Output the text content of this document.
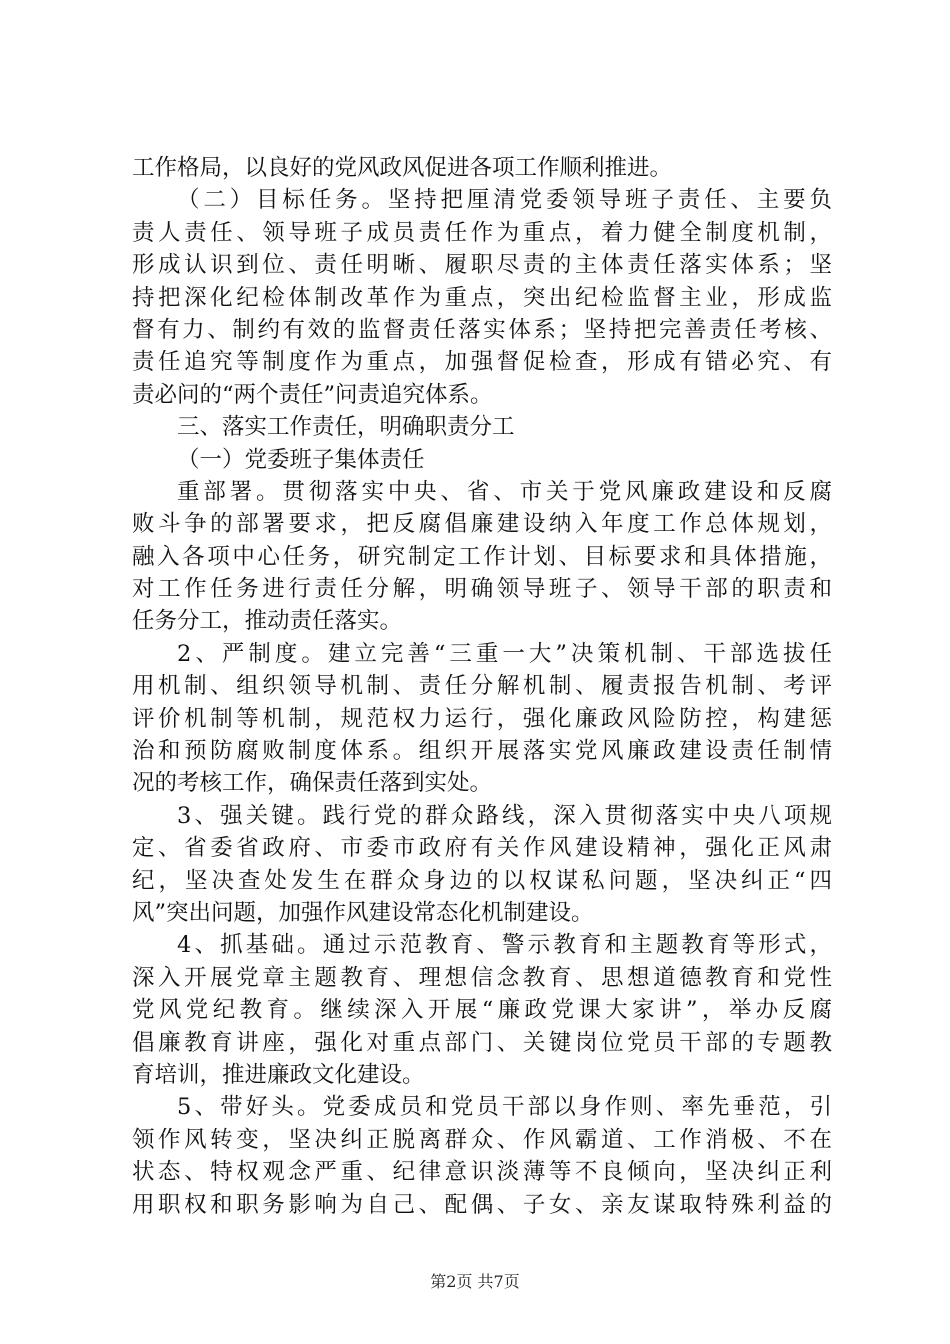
工作格局，以良好的党风政风促进各项工作顺利推进。
（二）目标任务。坚持把厘清党委领导班子责任、主要负
责人责任、领导班子成员责任作为重点，着力健全制度机制，
形成认识到位、责任明晰、履职尽责的主体责任落实体系；坚
持把深化纪检体制改革作为重点，突出纪检监督主业，形成监
督有力、制约有效的监督责任落实体系；坚持把完善责任考核、
责任追究等制度作为重点，加强督促检查，形成有错必究、有
责必问的“两个责任”问责追究体系。
三、落实工作责任，明确职责分工
（一）党委班子集体责任
重部署。贯彻落实中央、省、市关于党风廉政建设和反腐
败斗争的部署要求，把反腐倡廉建设纳入年度工作总体规划，
融入各项中心任务，研究制定工作计划、目标要求和具体措施，
对工作任务进行责任分解，明确领导班子、领导干部的职责和
任务分工，推动责任落实。
2、严制度。建立完善“三重一大”决策机制、干部选拔任
用机制、组织领导机制、责任分解机制、履责报告机制、考评
评价机制等机制，规范权力运行，强化廉政风险防控，构建惩
治和预防腐败制度体系。组织开展落实党风廉政建设责任制情
况的考核工作，确保责任落到实处。
3、强关键。践行党的群众路线，深入贯彻落实中央八项规
定、省委省政府、市委市政府有关作风建设精神，强化正风肃
纪，坚决查处发生在群众身边的以权谋私问题，坚决纠正“四
风”突出问题，加强作风建设常态化机制建设。
4、抓基础。通过示范教育、警示教育和主题教育等形式，
深入开展党章主题教育、理想信念教育、思想道德教育和党性
党风党纪教育。继续深入开展“廉政党课大家讲”，举办反腐
倡廉教育讲座，强化对重点部门、关键岗位党员干部的专题教
育培训，推进廉政文化建设。
5、带好头。党委成员和党员干部以身作则、率先垂范，引
领作风转变，坚决纠正脱离群众、作风霸道、工作消极、不在
状态、特权观念严重、纪律意识淡薄等不良倾向，坚决纠正利
用职权和职务影响为自己、配偶、子女、亲友谋取特殊利益的
第2页 共7页
